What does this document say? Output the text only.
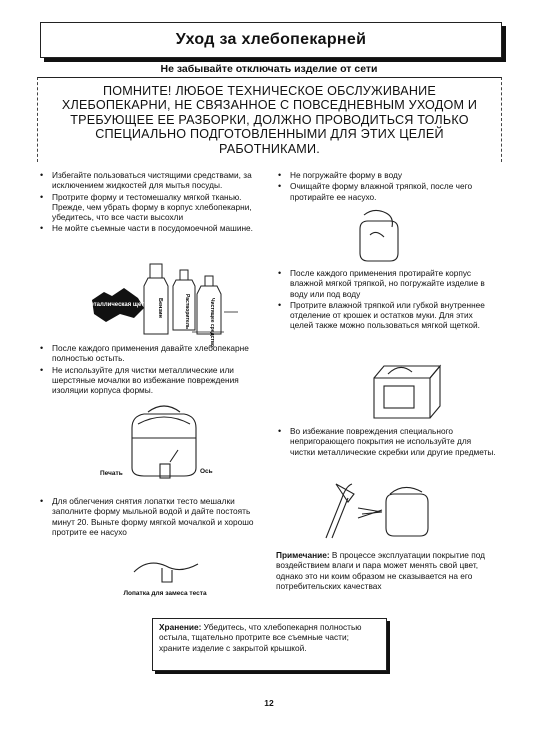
Уход за хлебопекарней
Не забывайте отключать изделие от сети

ПОМНИТЕ! ЛЮБОЕ ТЕХНИЧЕСКОЕ ОБСЛУЖИВАНИЕ
ХЛЕБОПЕКАРНИ, НЕ СВЯЗАННОЕ С ПОВСЕДНЕВНЫМ УХОДОМ И
ТРЕБУЮЩЕЕ ЕЕ РАЗБОРКИ, ДОЛЖНО ПРОВОДИТЬСЯ ТОЛЬКО
СПЕЦИАЛЬНО ПОДГОТОВЛЕННЫМИ ДЛЯ ЭТИХ ЦЕЛЕЙ
РАБОТНИКАМИ.

• Избегайте пользоваться чистящими средствами, за исключением жидкостей для мытья посуды.
• Протрите форму и тестомешалку мягкой тканью. Прежде, чем убрать форму в корпус хлебопекарни, убедитесь, что все части высохли
• Не мойте съемные части в посудомоечной машине.
Металлическая щетка Бензин	Растворитель	Чистящее средство
• После каждого применения давайте хлебопекарне полностью остыть.
• Не используйте для чистки металлические или шерстяные мочалки во избежание повреждения изоляции корпуса формы.
Печать	Ось
• Для облегчения снятия лопатки тесто мешалки заполните форму мыльной водой и дайте постоять минут 20. Выньте форму мягкой мочалкой и хорошо протрите ее насухо
Лопатка для замеса теста
• Не погружайте форму в воду
• Очищайте форму влажной тряпкой, после чего протирайте ее насухо.
• После каждого применения протирайте корпус влажной мягкой тряпкой, но погружайте изделие в воду или под воду
• Протрите влажной тряпкой или губкой внутреннее отделение от крошек и остатков муки. Для этих целей также можно пользоваться мягкой щеткой.
• Во избежание повреждения специального непригорающего покрытия не используйте для чистки металлические скребки или другие предметы.
Примечание: В процессе эксплуатации покрытие под воздействием влаги и пара может менять свой цвет, однако это ни коим образом не сказывается на его потребительских качествах
Хранение: Убедитесь, что хлебопекарня полностью остыла, тщательно протрите все съемные части; храните изделие с закрытой крышкой.
12
